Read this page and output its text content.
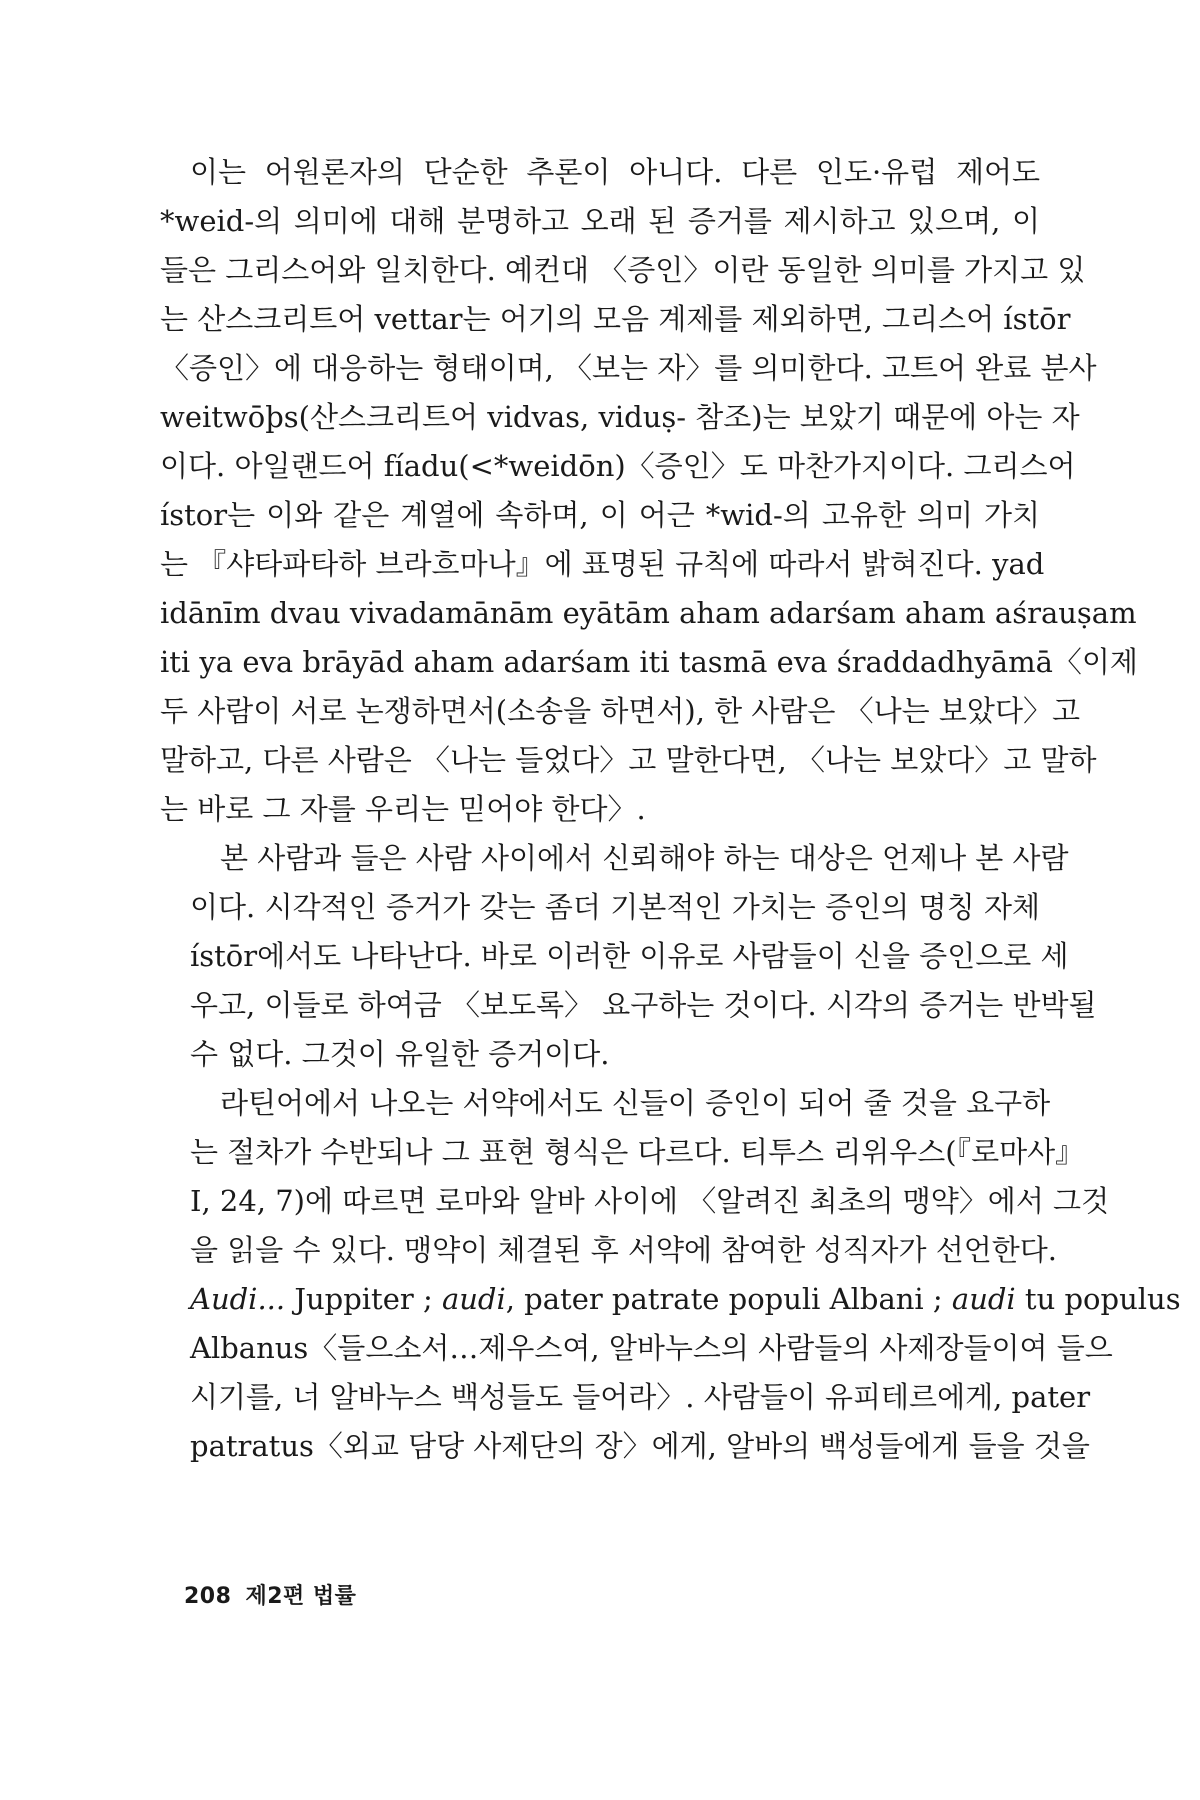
이는 어원론자의 단순한 추론이 아니다. 다른 인도·유럽 제어도
*weid-의 의미에 대해 분명하고 오래 된 증거를 제시하고 있으며, 이
들은 그리스어와 일치한다. 예컨대 〈증인〉이란 동일한 의미를 가지고 있
는 산스크리트어 vettar는 어기의 모음 계제를 제외하면, 그리스어 ístōr
〈증인〉에 대응하는 형태이며, 〈보는 자〉를 의미한다. 고트어 완료 분사
weitwōþs(산스크리트어 vidvas, viduṣ- 참조)는 보았기 때문에 아는 자
이다. 아일랜드어 fíadu(<*weidōn)〈증인〉도 마찬가지이다. 그리스어
ístor는 이와 같은 계열에 속하며, 이 어근 *wid-의 고유한 의미 가치
는 『샤타파타하 브라흐마나』에 표명된 규칙에 따라서 밝혀진다. yad
idānīm dvau vivadamānām eyātām aham adarśam aham aśrauṣam
iti ya eva brāyād aham adarśam iti tasmā eva śraddadhyāmā〈이제
두 사람이 서로 논쟁하면서(소송을 하면서), 한 사람은 〈나는 보았다〉고
말하고, 다른 사람은 〈나는 들었다〉고 말한다면, 〈나는 보았다〉고 말하
는 바로 그 자를 우리는 믿어야 한다〉.

본 사람과 들은 사람 사이에서 신뢰해야 하는 대상은 언제나 본 사람
이다. 시각적인 증거가 갖는 좀더 기본적인 가치는 증인의 명칭 자체
ístōr에서도 나타난다. 바로 이러한 이유로 사람들이 신을 증인으로 세
우고, 이들로 하여금 〈보도록〉 요구하는 것이다. 시각의 증거는 반박될
수 없다. 그것이 유일한 증거이다.

라틴어에서 나오는 서약에서도 신들이 증인이 되어 줄 것을 요구하
는 절차가 수반되나 그 표현 형식은 다르다. 티투스 리위우스(『로마사』
I, 24, 7)에 따르면 로마와 알바 사이에 〈알려진 최초의 맹약〉에서 그것
을 읽을 수 있다. 맹약이 체결된 후 서약에 참여한 성직자가 선언한다.
Audi... Juppiter ; audi, pater patrate populi Albani ; audi tu populus
Albanus〈들으소서…제우스여, 알바누스의 사람들의 사제장들이여 들으
시기를, 너 알바누스 백성들도 들어라〉. 사람들이 유피테르에게, pater
patratus〈외교 담당 사제단의 장〉에게, 알바의 백성들에게 들을 것을

208 제2편 법률
